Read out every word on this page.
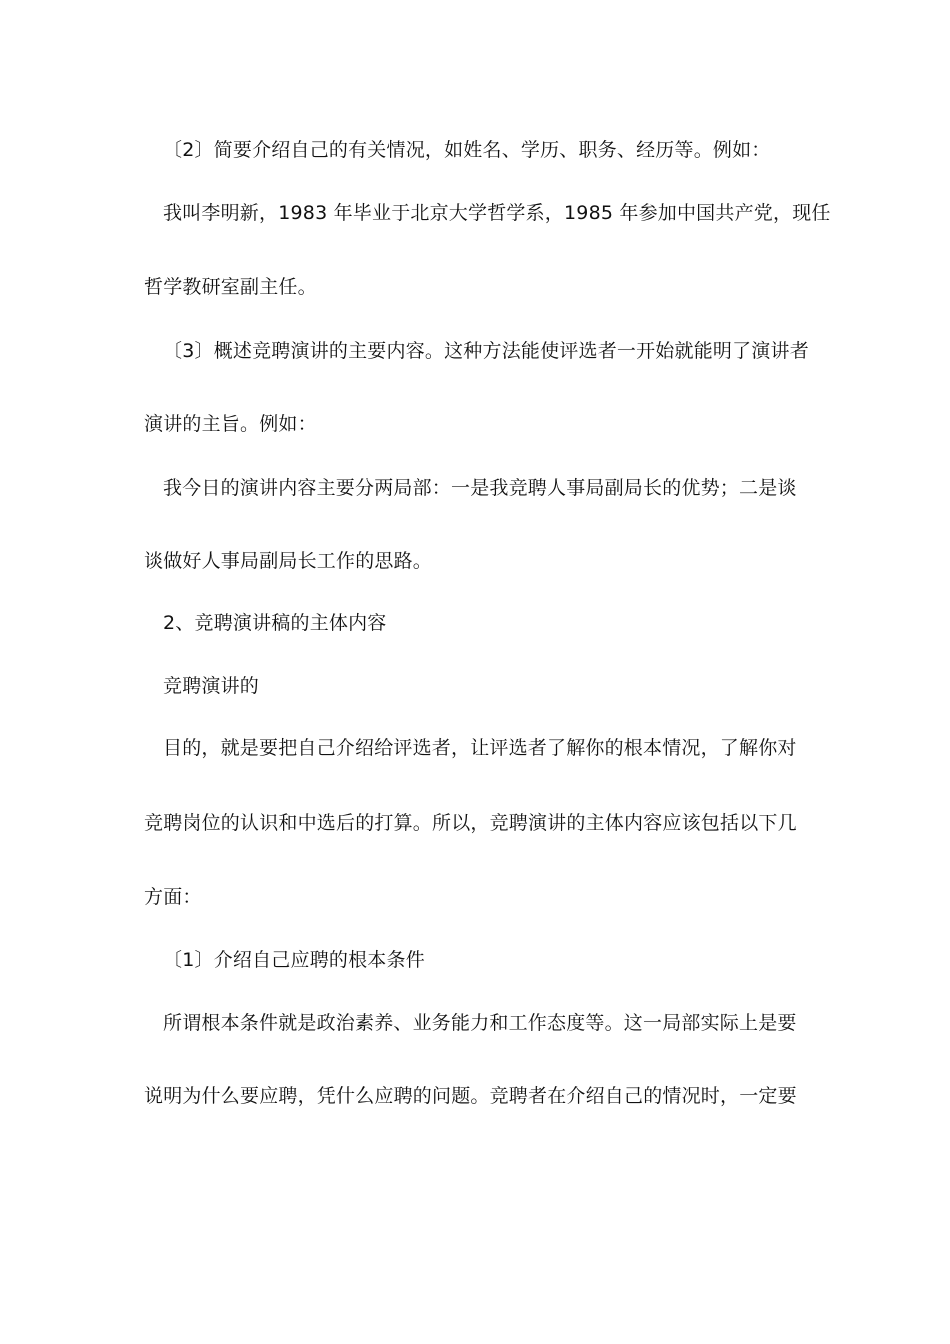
〔2〕简要介绍自己的有关情况，如姓名、学历、职务、经历等。例如：
我叫李明新，1983 年毕业于北京大学哲学系，1985 年参加中国共产党，现任
哲学教研室副主任。
〔3〕概述竞聘演讲的主要内容。这种方法能使评选者一开始就能明了演讲者
演讲的主旨。例如：
我今日的演讲内容主要分两局部：一是我竞聘人事局副局长的优势；二是谈
谈做好人事局副局长工作的思路。
2、竞聘演讲稿的主体内容
竞聘演讲的
目的，就是要把自己介绍给评选者，让评选者了解你的根本情况，了解你对
竞聘岗位的认识和中选后的打算。所以，竞聘演讲的主体内容应该包括以下几
方面：
〔1〕介绍自己应聘的根本条件
所谓根本条件就是政治素养、业务能力和工作态度等。这一局部实际上是要
说明为什么要应聘，凭什么应聘的问题。竞聘者在介绍自己的情况时，一定要
